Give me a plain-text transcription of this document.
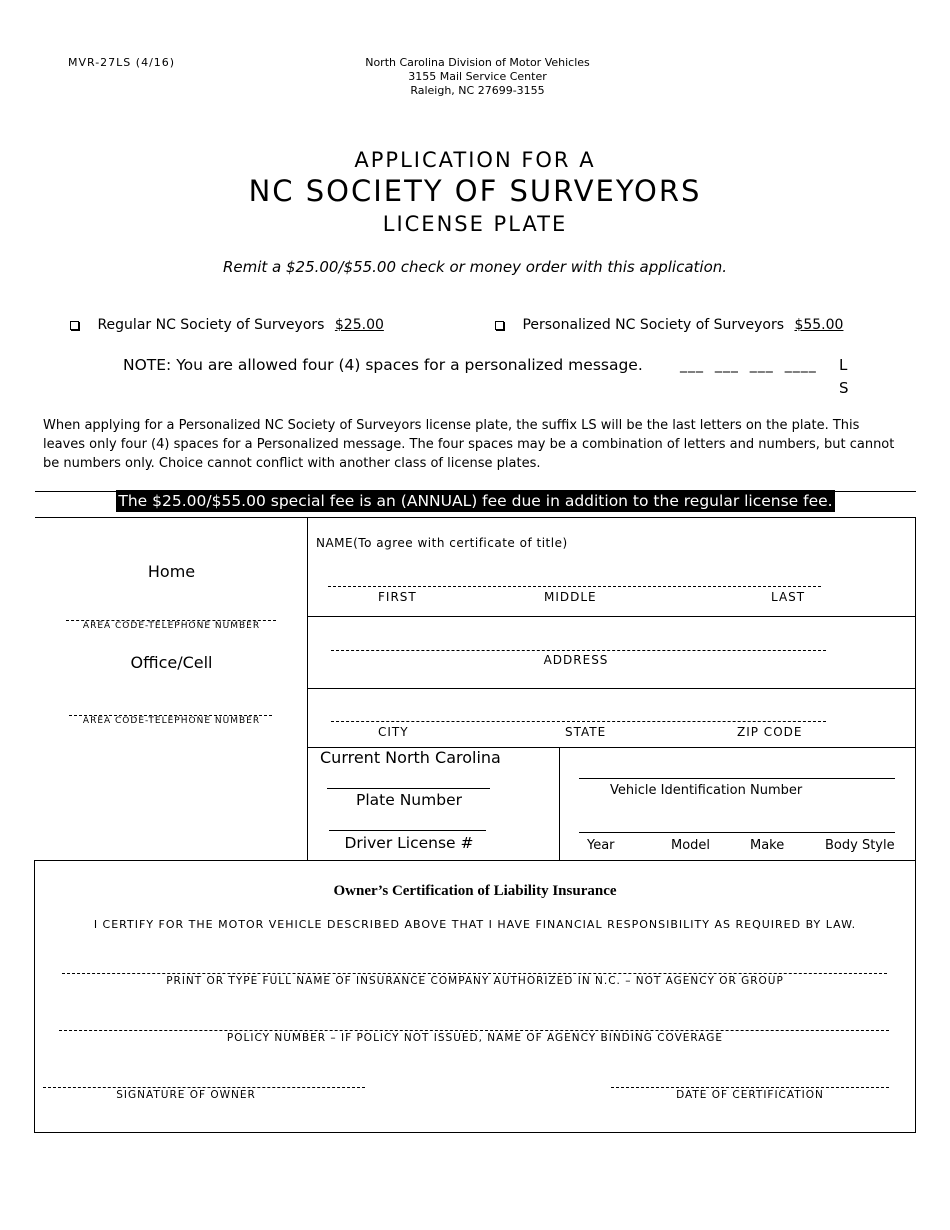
MVR-27LS (4/16)	North Carolina Division of Motor Vehicles
3155 Mail Service Center
Raleigh, NC 27699-3155
APPLICATION FOR A
NC SOCIETY OF SURVEYORS
LICENSE PLATE
Remit a $25.00/$55.00 check or money order with this application.
Regular NC Society of Surveyors $25.00	Personalized NC Society of Surveyors $55.00
NOTE: You are allowed four (4) spaces for a personalized message.	___  ___  ___  ____ L
S
When applying for a Personalized NC Society of Surveyors license plate, the suffix LS will be the last letters on the plate. This leaves only four (4) spaces for a Personalized message. The four spaces may be a combination of letters and numbers, but cannot be numbers only. Choice cannot conflict with another class of license plates.
The $25.00/$55.00 special fee is an (ANNUAL) fee due in addition to the regular license fee.
Home
AREA CODE-TELEPHONE NUMBER
Office/Cell
AREA CODE-TELEPHONE NUMBER
NAME(To agree with certificate of title)
FIRST	MIDDLE	LAST
ADDRESS
CITY	STATE	ZIP CODE
Current North Carolina
Plate Number
Driver License #
Vehicle Identification Number
Year	Model	Make	Body Style
Owner’s Certification of Liability Insurance
I CERTIFY FOR THE MOTOR VEHICLE DESCRIBED ABOVE THAT I HAVE FINANCIAL RESPONSIBILITY AS REQUIRED BY LAW.
PRINT OR TYPE FULL NAME OF INSURANCE COMPANY AUTHORIZED IN N.C. – NOT AGENCY OR GROUP
POLICY NUMBER – IF POLICY NOT ISSUED, NAME OF AGENCY BINDING COVERAGE
SIGNATURE OF OWNER	DATE OF CERTIFICATION
